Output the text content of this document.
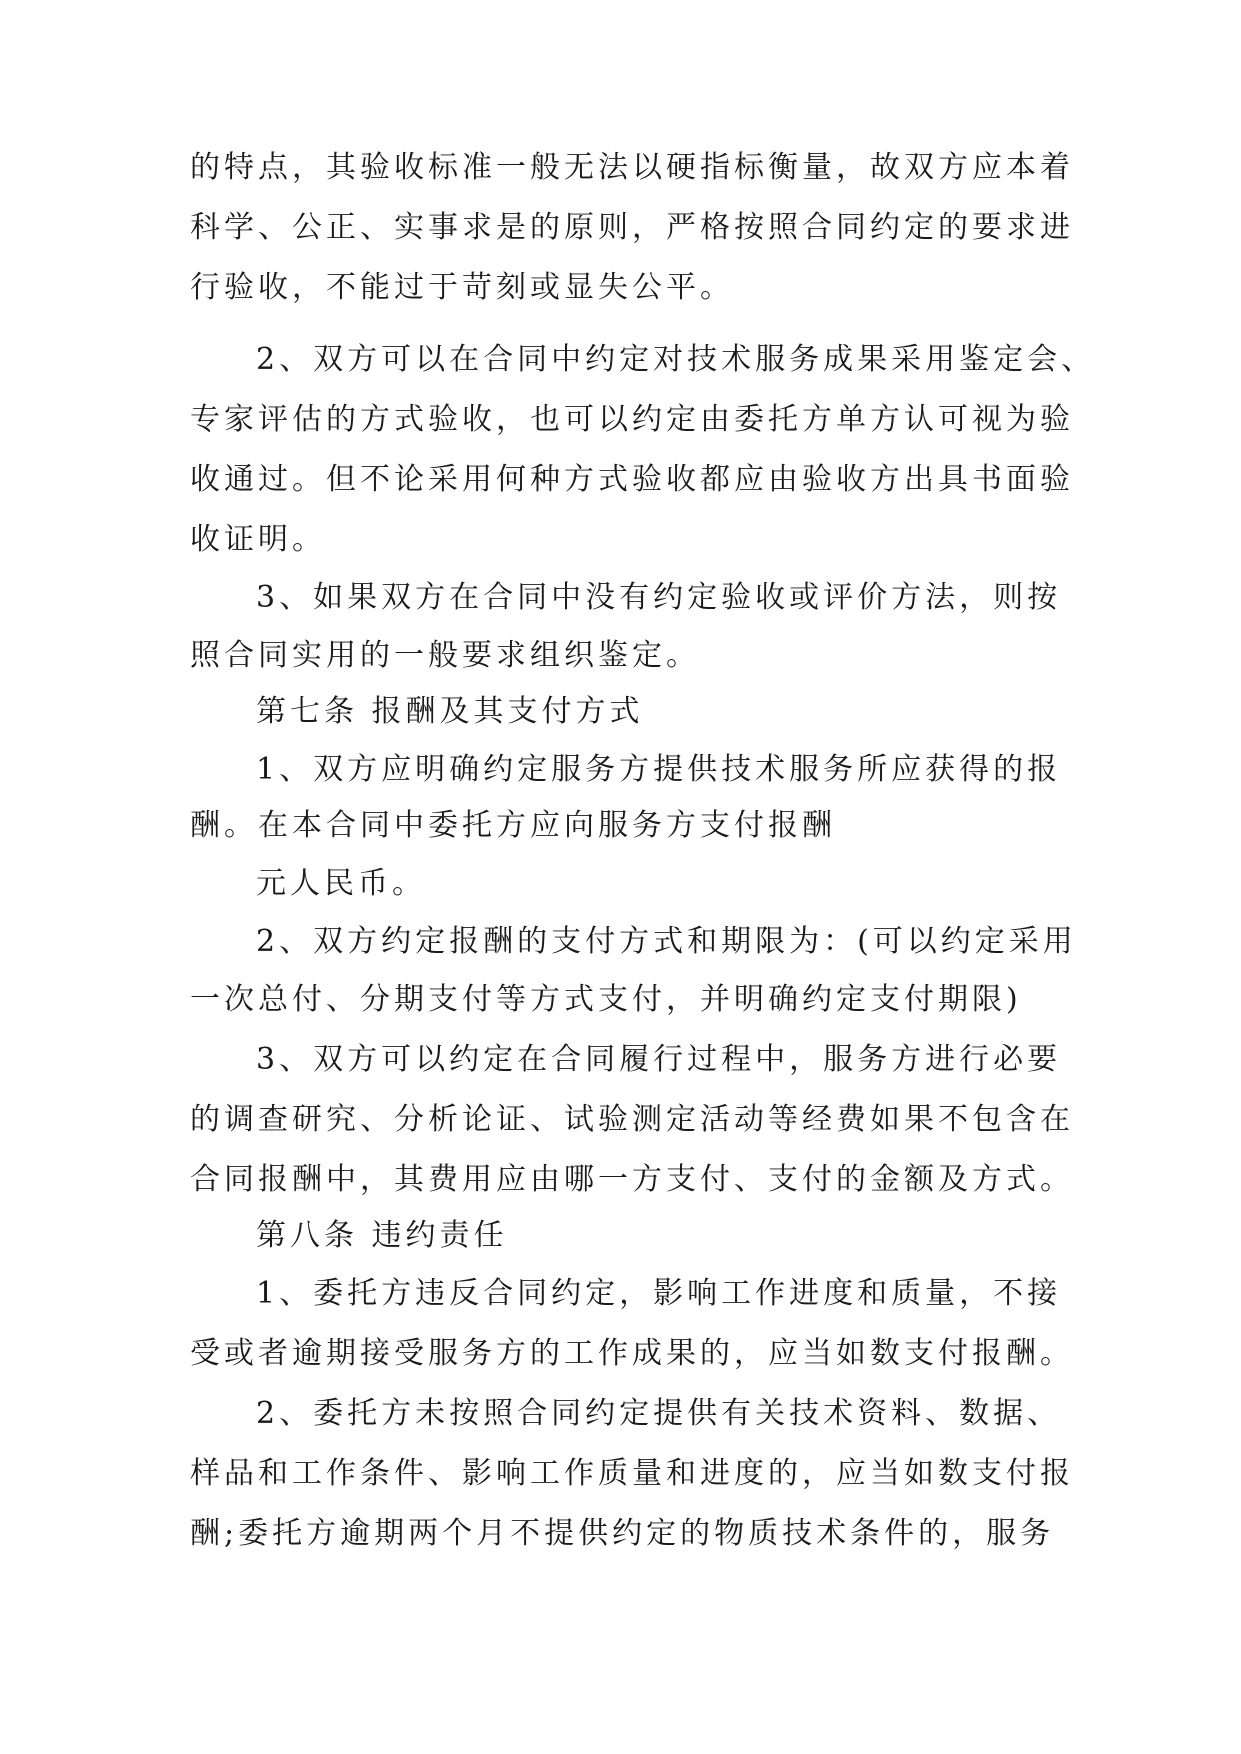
的特点，其验收标准一般无法以硬指标衡量，故双方应本着
科学、公正、实事求是的原则，严格按照合同约定的要求进
行验收，不能过于苛刻或显失公平。
2、双方可以在合同中约定对技术服务成果采用鉴定会、
专家评估的方式验收，也可以约定由委托方单方认可视为验
收通过。但不论采用何种方式验收都应由验收方出具书面验
收证明。
3、如果双方在合同中没有约定验收或评价方法，则按
照合同实用的一般要求组织鉴定。
第七条 报酬及其支付方式
1、双方应明确约定服务方提供技术服务所应获得的报
酬。在本合同中委托方应向服务方支付报酬
元人民币。
2、双方约定报酬的支付方式和期限为：(可以约定采用
一次总付、分期支付等方式支付，并明确约定支付期限)
3、双方可以约定在合同履行过程中，服务方进行必要
的调查研究、分析论证、试验测定活动等经费如果不包含在
合同报酬中，其费用应由哪一方支付、支付的金额及方式。
第八条 违约责任
1、委托方违反合同约定，影响工作进度和质量，不接
受或者逾期接受服务方的工作成果的，应当如数支付报酬。
2、委托方未按照合同约定提供有关技术资料、数据、
样品和工作条件、影响工作质量和进度的，应当如数支付报
酬;委托方逾期两个月不提供约定的物质技术条件的，服务
